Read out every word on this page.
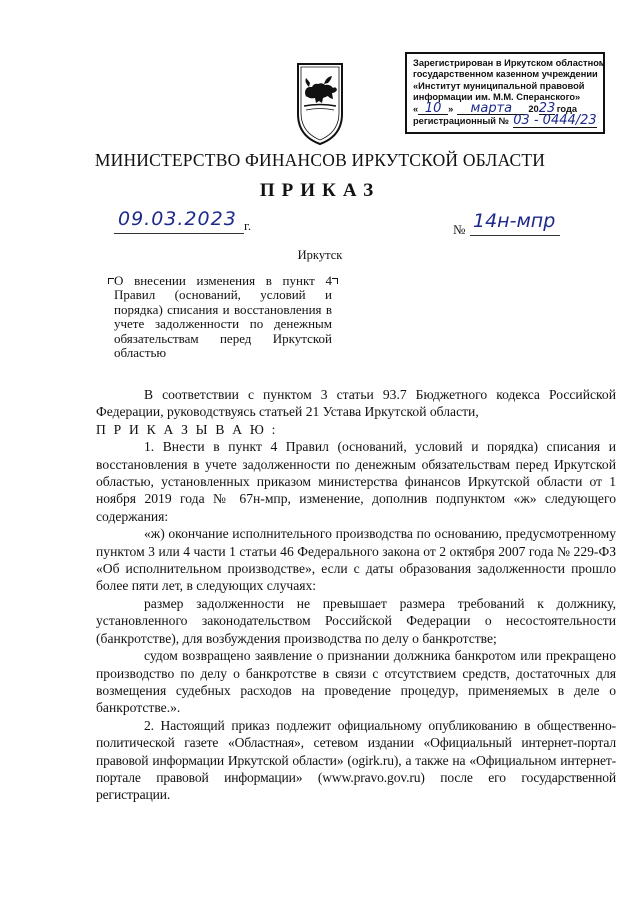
Зарегистрирован в Иркутском областном
государственном казенном учреждении
«Институт муниципальной правовой
информации им. М.М. Сперанского»
« 10 »	марта	20 23 года
регистрационный № 03 - 0444/23
МИНИСТЕРСТВО ФИНАНСОВ ИРКУТСКОЙ ОБЛАСТИ
ПРИКАЗ
09.03.2023 г.	№ 14н-мпр
Иркутск
О внесении изменения в пункт 4 Правил (оснований, условий и порядка) списания и восстановления в учете задолженности по денежным обязательствам перед Иркутской областью

В соответствии с пунктом 3 статьи 93.7 Бюджетного кодекса Российской Федерации, руководствуясь статьей 21 Устава Иркутской области,

П Р И К А З Ы В А Ю :

1. Внести в пункт 4 Правил (оснований, условий и порядка) списания и восстановления в учете задолженности по денежным обязательствам перед Иркутской областью, установленных приказом министерства финансов Иркутской области от 1 ноября 2019 года № 67н-мпр, изменение, дополнив подпунктом «ж» следующего содержания:

«ж) окончание исполнительного производства по основанию, предусмотренному пунктом 3 или 4 части 1 статьи 46 Федерального закона от 2 октября 2007 года № 229-ФЗ «Об исполнительном производстве», если с даты образования задолженности прошло более пяти лет, в следующих случаях:

размер задолженности не превышает размера требований к должнику, установленного законодательством Российской Федерации о несостоятельности (банкротстве), для возбуждения производства по делу о банкротстве;

судом возвращено заявление о признании должника банкротом или прекращено производство по делу о банкротстве в связи с отсутствием средств, достаточных для возмещения судебных расходов на проведение процедур, применяемых в деле о банкротстве.».

2. Настоящий приказ подлежит официальному опубликованию в общественно-политической газете «Областная», сетевом издании «Официальный интернет-портал правовой информации Иркутской области» (ogirk.ru), а также на «Официальном интернет-портале правовой информации» (www.pravo.gov.ru) после его государственной регистрации.
